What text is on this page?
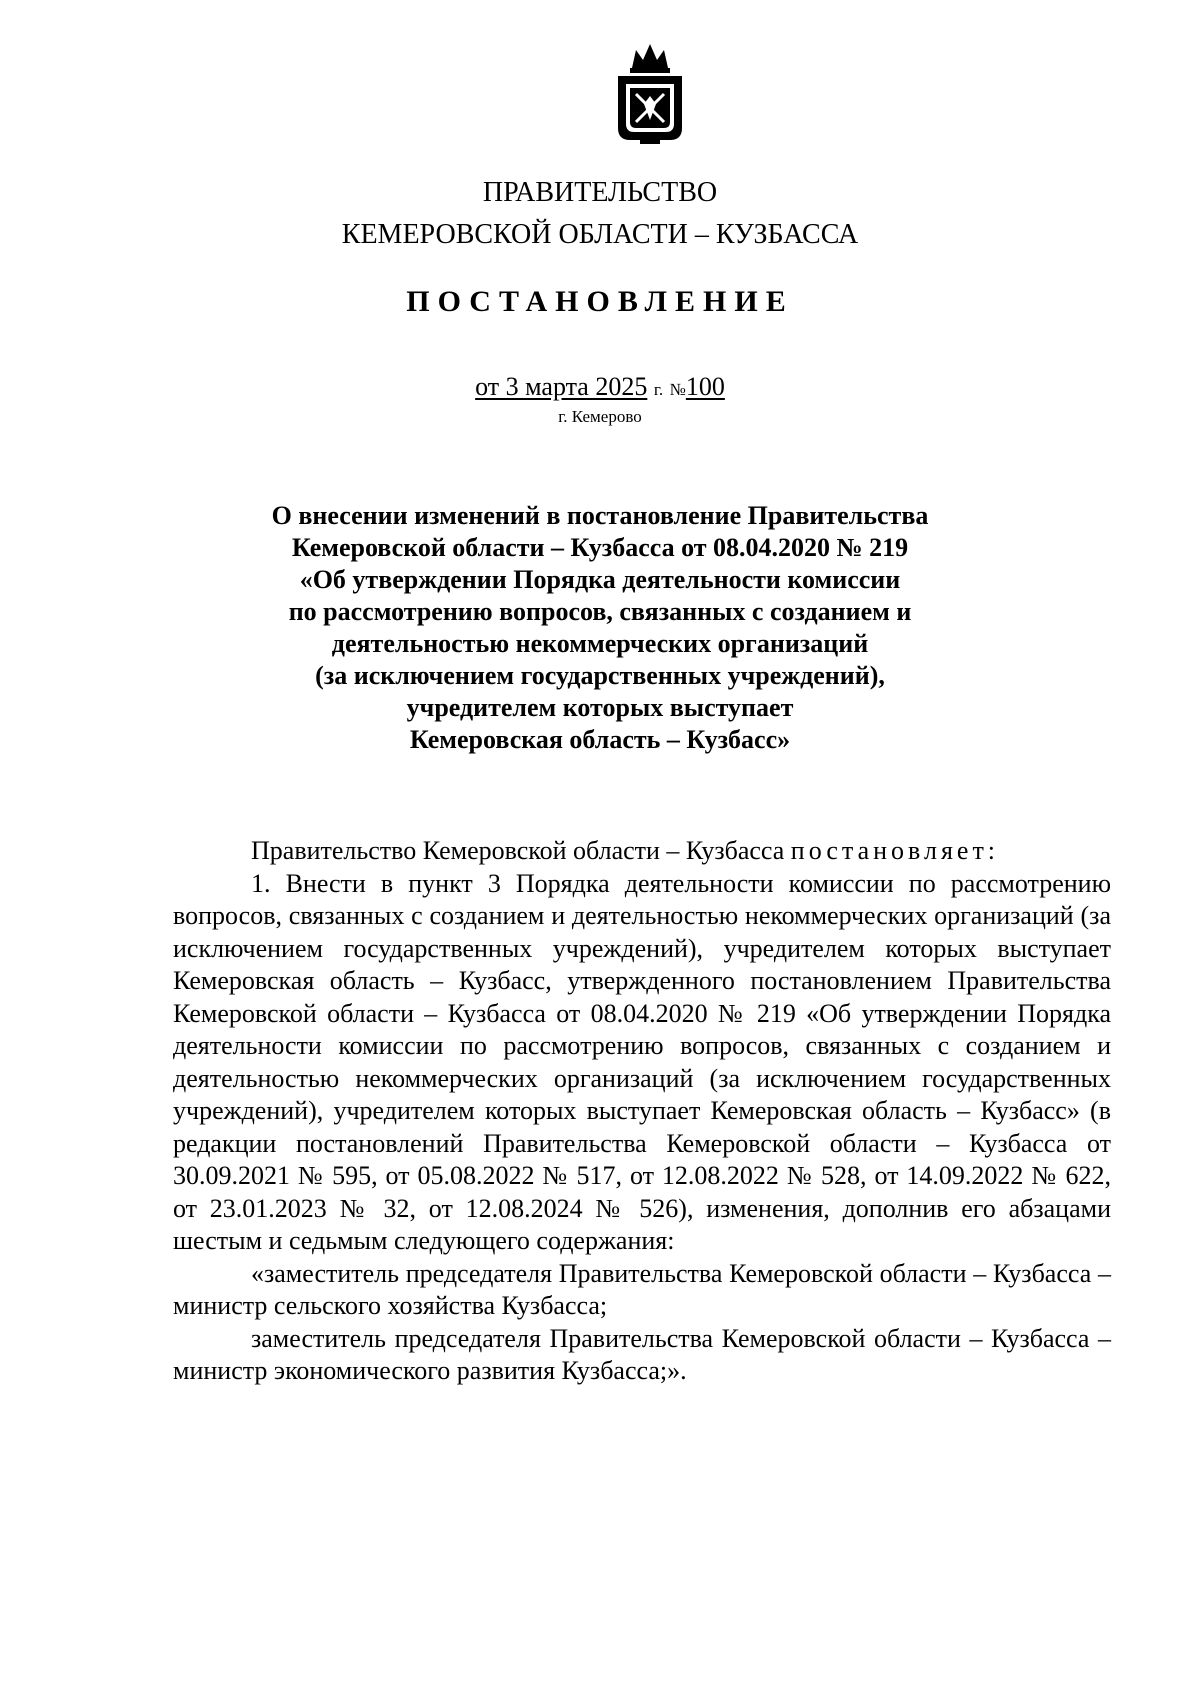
ПРАВИТЕЛЬСТВО
КЕМЕРОВСКОЙ ОБЛАСТИ – КУЗБАССА
ПОСТАНОВЛЕНИЕ
от 3 марта 2025 г. №100
г. Кемерово
О внесении изменений в постановление Правительства
Кемеровской области – Кузбасса от 08.04.2020 № 219
«Об утверждении Порядка деятельности комиссии
по рассмотрению вопросов, связанных с созданием и
деятельностью некоммерческих организаций
(за исключением государственных учреждений),
учредителем которых выступает
Кемеровская область – Кузбасс»

Правительство Кемеровской области – Кузбасса постановляет:

1. Внести в пункт 3 Порядка деятельности комиссии по рассмотрению вопросов, связанных с созданием и деятельностью некоммерческих организаций (за исключением государственных учреждений), учредителем которых выступает Кемеровская область – Кузбасс, утвержденного постановлением Правительства Кемеровской области – Кузбасса от 08.04.2020 № 219 «Об утверждении Порядка деятельности комиссии по рассмотрению вопросов, связанных с созданием и деятельностью некоммерческих организаций (за исключением государственных учреждений), учредителем которых выступает Кемеровская область – Кузбасс» (в редакции постановлений Правительства Кемеровской области – Кузбасса от 30.09.2021 № 595, от 05.08.2022 № 517, от 12.08.2022 № 528, от 14.09.2022 № 622, от 23.01.2023 № 32, от 12.08.2024 № 526), изменения, дополнив его абзацами шестым и седьмым следующего содержания:

«заместитель председателя Правительства Кемеровской области – Кузбасса – министр сельского хозяйства Кузбасса;

заместитель председателя Правительства Кемеровской области – Кузбасса – министр экономического развития Кузбасса;».
